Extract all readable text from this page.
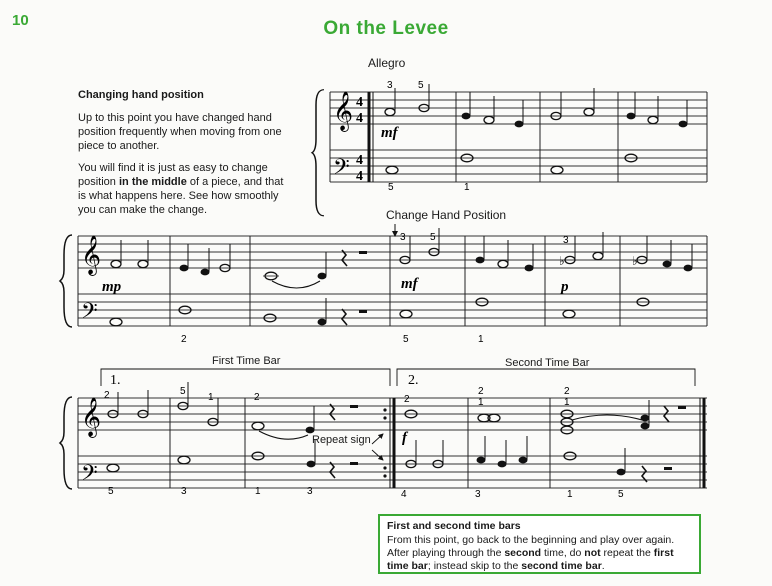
10	On the Levee
Changing hand position

Up to this point you have changed hand position frequently when moving from one piece to another.

You will find it is just as easy to change position in the middle of a piece, and that is what happens here. See how smoothly you can make the change.

Allegro
Change Hand Position
First Time Bar	Second Time Bar
Repeat sign
𝄞
𝄢
4
4
4
4
3	5
5	1
mf
𝄞
𝄢
♭	♭
2
3 5
5	1
3
mp	mf	p
1.	2.
𝄞
𝄢
2	5
1	2	2
2
1
2
1
5	3	1	3	4	3	1	5
f
First and second time bars

From this point, go back to the beginning and play over again. After playing through the second time, do not repeat the first time bar; instead skip to the second time bar.
